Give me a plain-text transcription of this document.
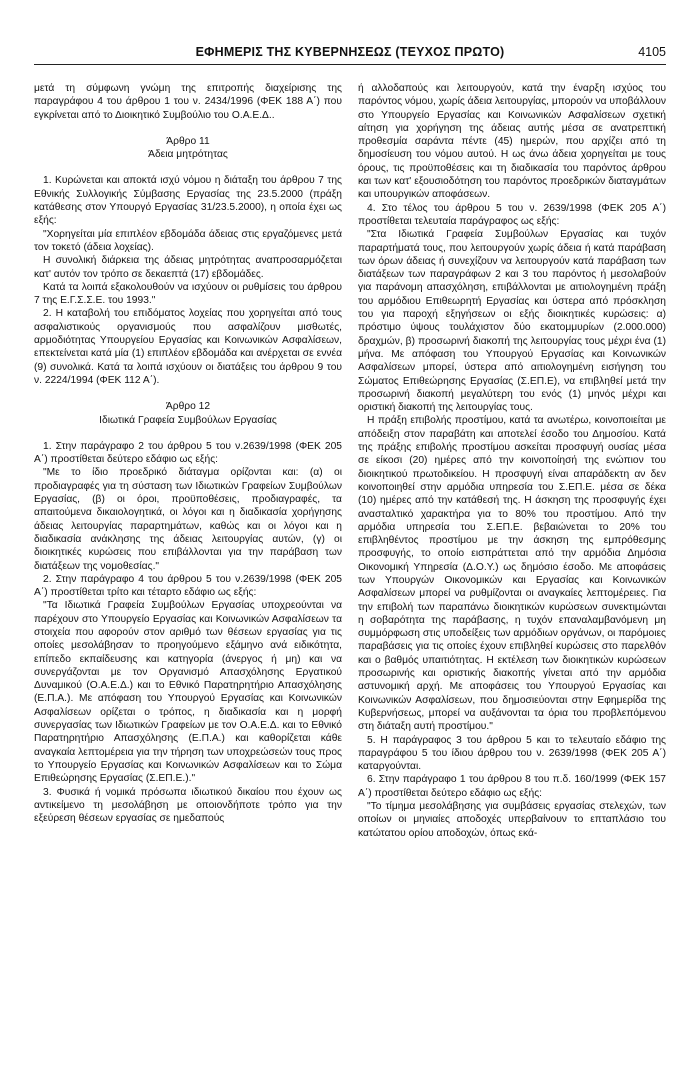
ΕΦΗΜΕΡΙΣ ΤΗΣ ΚΥΒΕΡΝΗΣΕΩΣ (ΤΕΥΧΟΣ ΠΡΩΤΟ)	4105

μετά τη σύμφωνη γνώμη της επιτροπής διαχείρισης της παραγράφου 4 του άρθρου 1 του ν. 2434/1996 (ΦΕΚ 188 Α΄) που εγκρίνεται από το Διοικητικό Συμβούλιο του Ο.Α.Ε.Δ..

Άρθρο 11

Άδεια μητρότητας

1. Κυρώνεται και αποκτά ισχύ νόμου η διάταξη του άρθρου 7 της Εθνικής Συλλογικής Σύμβασης Εργασίας της 23.5.2000 (πράξη κατάθεσης στον Υπουργό Εργασίας 31/23.5.2000), η οποία έχει ως εξής:

"Χορηγείται μία επιπλέον εβδομάδα άδειας στις εργαζόμενες μετά τον τοκετό (άδεια λοχείας).

Η συνολική διάρκεια της άδειας μητρότητας αναπροσαρμόζεται κατ' αυτόν τον τρόπο σε δεκαεπτά (17) εβδομάδες.

Κατά τα λοιπά εξακολουθούν να ισχύουν οι ρυθμίσεις του άρθρου 7 της Ε.Γ.Σ.Σ.Ε. του 1993."

2. Η καταβολή του επιδόματος λοχείας που χορηγείται από τους ασφαλιστικούς οργανισμούς που ασφαλίζουν μισθωτές, αρμοδιότητας Υπουργείου Εργασίας και Κοινωνικών Ασφαλίσεων, επεκτείνεται κατά μία (1) επιπλέον εβδομάδα και ανέρχεται σε εννέα (9) συνολικά. Κατά τα λοιπά ισχύουν οι διατάξεις του άρθρου 9 του ν. 2224/1994 (ΦΕΚ 112 Α΄).

Άρθρο 12

Ιδιωτικά Γραφεία Συμβούλων Εργασίας

1. Στην παράγραφο 2 του άρθρου 5 του ν.2639/1998 (ΦΕΚ 205 Α΄) προστίθεται δεύτερο εδάφιο ως εξής:

"Με το ίδιο προεδρικό διάταγμα ορίζονται και: (α) οι προδιαγραφές για τη σύσταση των Ιδιωτικών Γραφείων Συμβούλων Εργασίας, (β) οι όροι, προϋποθέσεις, προδιαγραφές, τα απαιτούμενα δικαιολογητικά, οι λόγοι και η διαδικασία χορήγησης άδειας λειτουργίας παραρτημάτων, καθώς και οι λόγοι και η διαδικασία ανάκλησης της άδειας λειτουργίας αυτών, (γ) οι διοικητικές κυρώσεις που επιβάλλονται για την παράβαση των διατάξεων της νομοθεσίας."

2. Στην παράγραφο 4 του άρθρου 5 του ν.2639/1998 (ΦΕΚ 205 Α΄) προστίθεται τρίτο και τέταρτο εδάφιο ως εξής:

"Τα Ιδιωτικά Γραφεία Συμβούλων Εργασίας υποχρεούνται να παρέχουν στο Υπουργείο Εργασίας και Κοινωνικών Ασφαλίσεων τα στοιχεία που αφορούν στον αριθμό των θέσεων εργασίας για τις οποίες μεσολάβησαν το προηγούμενο εξάμηνο ανά ειδικότητα, επίπεδο εκπαίδευσης και κατηγορία (άνεργος ή μη) και να συνεργάζονται με τον Οργανισμό Απασχόλησης Εργατικού Δυναμικού (Ο.Α.Ε.Δ.) και το Εθνικό Παρατηρητήριο Απασχόλησης (Ε.Π.Α.). Με απόφαση του Υπουργού Εργασίας και Κοινωνικών Ασφαλίσεων ορίζεται ο τρόπος, η διαδικασία και η μορφή συνεργασίας των Ιδιωτικών Γραφείων με τον Ο.Α.Ε.Δ. και το Εθνικό Παρατηρητήριο Απασχόλησης (Ε.Π.Α.) και καθορίζεται κάθε αναγκαία λεπτομέρεια για την τήρηση των υποχρεώσεών τους προς το Υπουργείο Εργασίας και Κοινωνικών Ασφαλίσεων και το Σώμα Επιθεώρησης Εργασίας (Σ.ΕΠ.Ε.)."

3. Φυσικά ή νομικά πρόσωπα ιδιωτικού δικαίου που έχουν ως αντικείμενο τη μεσολάβηση με οποιονδήποτε τρόπο για την εξεύρεση θέσεων εργασίας σε ημεδαπούς

ή αλλοδαπούς και λειτουργούν, κατά την έναρξη ισχύος του παρόντος νόμου, χωρίς άδεια λειτουργίας, μπορούν να υποβάλλουν στο Υπουργείο Εργασίας και Κοινωνικών Ασφαλίσεων σχετική αίτηση για χορήγηση της άδειας αυτής μέσα σε ανατρεπτική προθεσμία σαράντα πέντε (45) ημερών, που αρχίζει από τη δημοσίευση του νόμου αυτού. Η ως άνω άδεια χορηγείται με τους όρους, τις προϋποθέσεις και τη διαδικασία του παρόντος άρθρου και των κατ' εξουσιοδότηση του παρόντος προεδρικών διαταγμάτων και υπουργικών αποφάσεων.

4. Στο τέλος του άρθρου 5 του ν. 2639/1998 (ΦΕΚ 205 Α΄) προστίθεται τελευταία παράγραφος ως εξής:

"Στα Ιδιωτικά Γραφεία Συμβούλων Εργασίας και τυχόν παραρτήματά τους, που λειτουργούν χωρίς άδεια ή κατά παράβαση των όρων άδειας ή συνεχίζουν να λειτουργούν κατά παράβαση των διατάξεων των παραγράφων 2 και 3 του παρόντος ή μεσολαβούν για παράνομη απασχόληση, επιβάλλονται με αιτιολογημένη πράξη του αρμόδιου Επιθεωρητή Εργασίας και ύστερα από πρόσκληση του για παροχή εξηγήσεων οι εξής διοικητικές κυρώσεις: α) πρόστιμο ύψους τουλάχιστον δύο εκατομμυρίων (2.000.000) δραχμών, β) προσωρινή διακοπή της λειτουργίας τους μέχρι ένα (1) μήνα. Με απόφαση του Υπουργού Εργασίας και Κοινωνικών Ασφαλίσεων μπορεί, ύστερα από αιτιολογημένη εισήγηση του Σώματος Επιθεώρησης Εργασίας (Σ.ΕΠ.Ε), να επιβληθεί μετά την προσωρινή διακοπή μεγαλύτερη του ενός (1) μηνός μέχρι και οριστική διακοπή της λειτουργίας τους.

Η πράξη επιβολής προστίμου, κατά τα ανωτέρω, κοινοποιείται με απόδειξη στον παραβάτη και αποτελεί έσοδο του Δημοσίου. Κατά της πράξης επιβολής προστίμου ασκείται προσφυγή ουσίας μέσα σε είκοσι (20) ημέρες από την κοινοποίησή της ενώπιον του διοικητικού πρωτοδικείου. Η προσφυγή είναι απαράδεκτη αν δεν κοινοποιηθεί στην αρμόδια υπηρεσία του Σ.ΕΠ.Ε. μέσα σε δέκα (10) ημέρες από την κατάθεσή της. Η άσκηση της προσφυγής έχει ανασταλτικό χαρακτήρα για το 80% του προστίμου. Από την αρμόδια υπηρεσία του Σ.ΕΠ.Ε. βεβαιώνεται το 20% του επιβληθέντος προστίμου με την άσκηση της εμπρόθεσμης προσφυγής, το οποίο εισπράττεται από την αρμόδια Δημόσια Οικονομική Υπηρεσία (Δ.Ο.Υ.) ως δημόσιο έσοδο. Με αποφάσεις των Υπουργών Οικονομικών και Εργασίας και Κοινωνικών Ασφαλίσεων μπορεί να ρυθμίζονται οι αναγκαίες λεπτομέρειες. Για την επιβολή των παραπάνω διοικητικών κυρώσεων συνεκτιμώνται η σοβαρότητα της παράβασης, η τυχόν επαναλαμβανόμενη μη συμμόρφωση στις υποδείξεις των αρμόδιων οργάνων, οι παρόμοιες παραβάσεις για τις οποίες έχουν επιβληθεί κυρώσεις στο παρελθόν και ο βαθμός υπαιτιότητας. Η εκτέλεση των διοικητικών κυρώσεων προσωρινής και οριστικής διακοπής γίνεται από την αρμόδια αστυνομική αρχή. Με αποφάσεις του Υπουργού Εργασίας και Κοινωνικών Ασφαλίσεων, που δημοσιεύονται στην Εφημερίδα της Κυβερνήσεως, μπορεί να αυξάνονται τα όρια του προβλεπόμενου στη διάταξη αυτή προστίμου."

5. Η παράγραφος 3 του άρθρου 5 και το τελευταίο εδάφιο της παραγράφου 5 του ίδιου άρθρου του ν. 2639/1998 (ΦΕΚ 205 Α΄) καταργούνται.

6. Στην παράγραφο 1 του άρθρου 8 του π.δ. 160/1999 (ΦΕΚ 157 Α΄) προστίθεται δεύτερο εδάφιο ως εξής:

"Το τίμημα μεσολάβησης για συμβάσεις εργασίας στελεχών, των οποίων οι μηνιαίες αποδοχές υπερβαίνουν το επταπλάσιο του κατώτατου ορίου αποδοχών, όπως εκά-
